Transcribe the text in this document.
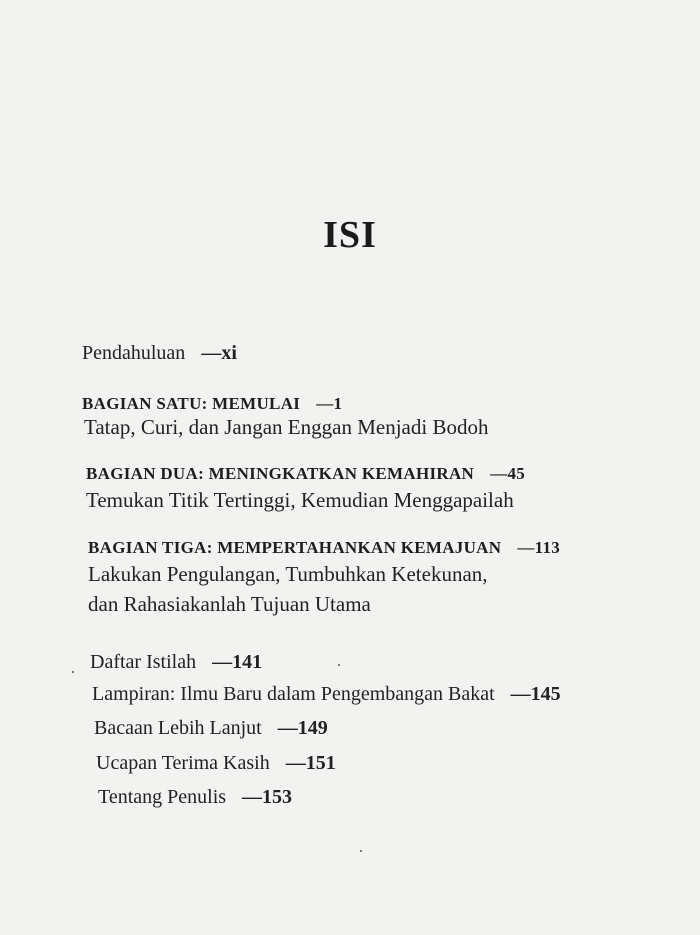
ISI
Pendahuluan —xi
BAGIAN SATU: MEMULAI —1
Tatap, Curi, dan Jangan Enggan Menjadi Bodoh
BAGIAN DUA: MENINGKATKAN KEMAHIRAN —45
Temukan Titik Tertinggi, Kemudian Menggapailah
BAGIAN TIGA: MEMPERTAHANKAN KEMAJUAN —113
Lakukan Pengulangan, Tumbuhkan Ketekunan,
dan Rahasiakanlah Tujuan Utama
Daftar Istilah —141
Lampiran: Ilmu Baru dalam Pengembangan Bakat —145
Bacaan Lebih Lanjut —149
Ucapan Terima Kasih —151
Tentang Penulis —153
